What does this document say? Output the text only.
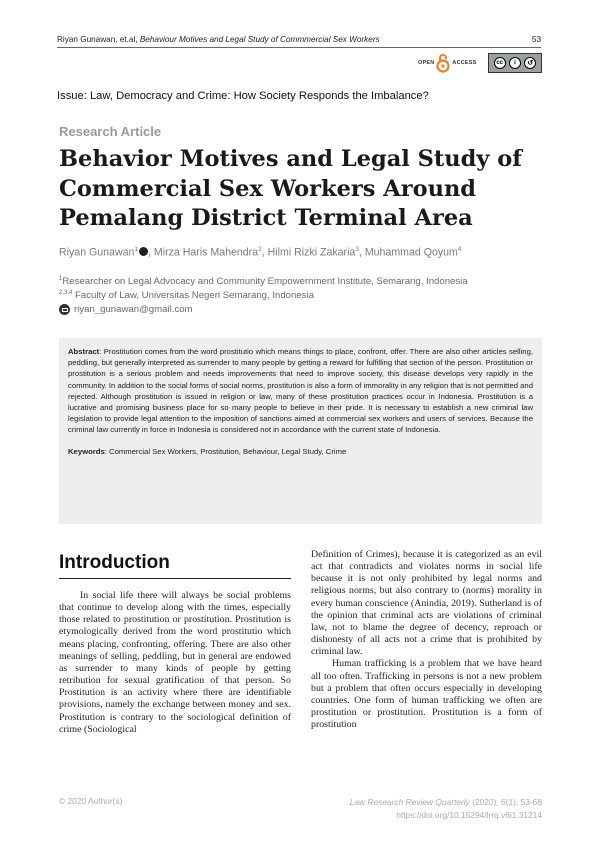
Riyan Gunawan, et.al, Behaviour Motives and Legal Study of Commmercial Sex Workers	53
OPEN	ACCESS	cc	i	↺
Issue: Law, Democracy and Crime: How Society Responds the Imbalance?
Research Article
Behavior Motives and Legal Study of Commercial Sex Workers Around Pemalang District Terminal Area
Riyan Gunawan$^1$ , Mirza Haris Mahendra$^2$, Hilmi Rizki Zakaria$^3$, Muhammad Qoyum$^4$
$^1$Researcher on Legal Advocacy and Community Empowernment Institute, Semarang, Indonesia
$^{2,3,4}$ Faculty of Law, Universitas Negeri Semarang, Indonesia
riyan_gunawan@gmail.com

Abstract: Prostitution comes from the word prostitutio which means things to place, confront, offer. There are also other articles selling, peddling, but generally interpreted as surrender to many people by getting a reward for fulfilling that section of the person. Prostitution or prostitution is a serious problem and needs improvements that need to improve society, this disease develops very rapidly in the community. In addition to the social forms of social norms, prostitution is also a form of immorality in any religion that is not permitted and rejected. Although prostitution is issued in religion or law, many of these prostitution practices occur in Indonesia. Prostitution is a lucrative and promising business place for so many people to believe in their pride. It is necessary to establish a new criminal law legislation to provide legal attention to the imposition of sanctions aimed at commercial sex workers and users of services. Because the criminal law currently in force in Indonesia is considered not in accordance with the current state of Indonesia.

Keywords: Commercial Sex Workers, Prostitution, Behaviour, Legal Study, Crime

Introduction

In social life there will always be social problems that continue to develop along with the times, especially those related to prostitution or prostitution. Prostitution is etymologically derived from the word prostitutio which means placing, confronting, offering. There are also other meanings of selling, peddling, but in general are endowed as surrender to many kinds of people by getting retribution for sexual gratification of that person. So Prostitution is an activity where there are identifiable provisions, namely the exchange between money and sex. Prostitution is contrary to the sociological definition of crime (Sociological

Definition of Crimes), because it is categorized as an evil act that contradicts and violates norms in social life because it is not only prohibited by legal norms and religious norms, but also contrary to (norms) morality in every human conscience (Anindia, 2019). Sutherland is of the opinion that criminal acts are violations of criminal law, not to blame the degree of decency, reproach or dishonesty of all acts not a crime that is prohibited by criminal law.

Human trafficking is a problem that we have heard all too often. Trafficking in persons is not a new problem but a problem that often occurs especially in developing countries. One form of human trafficking we often are prostitution or prostitution. Prostitution is a form of prostitution

© 2020 Author(s)	Law Research Review Quarterly (2020), 6(1), 53-68
https://doi.org/10.15294/lrrq.v6i1.31214
